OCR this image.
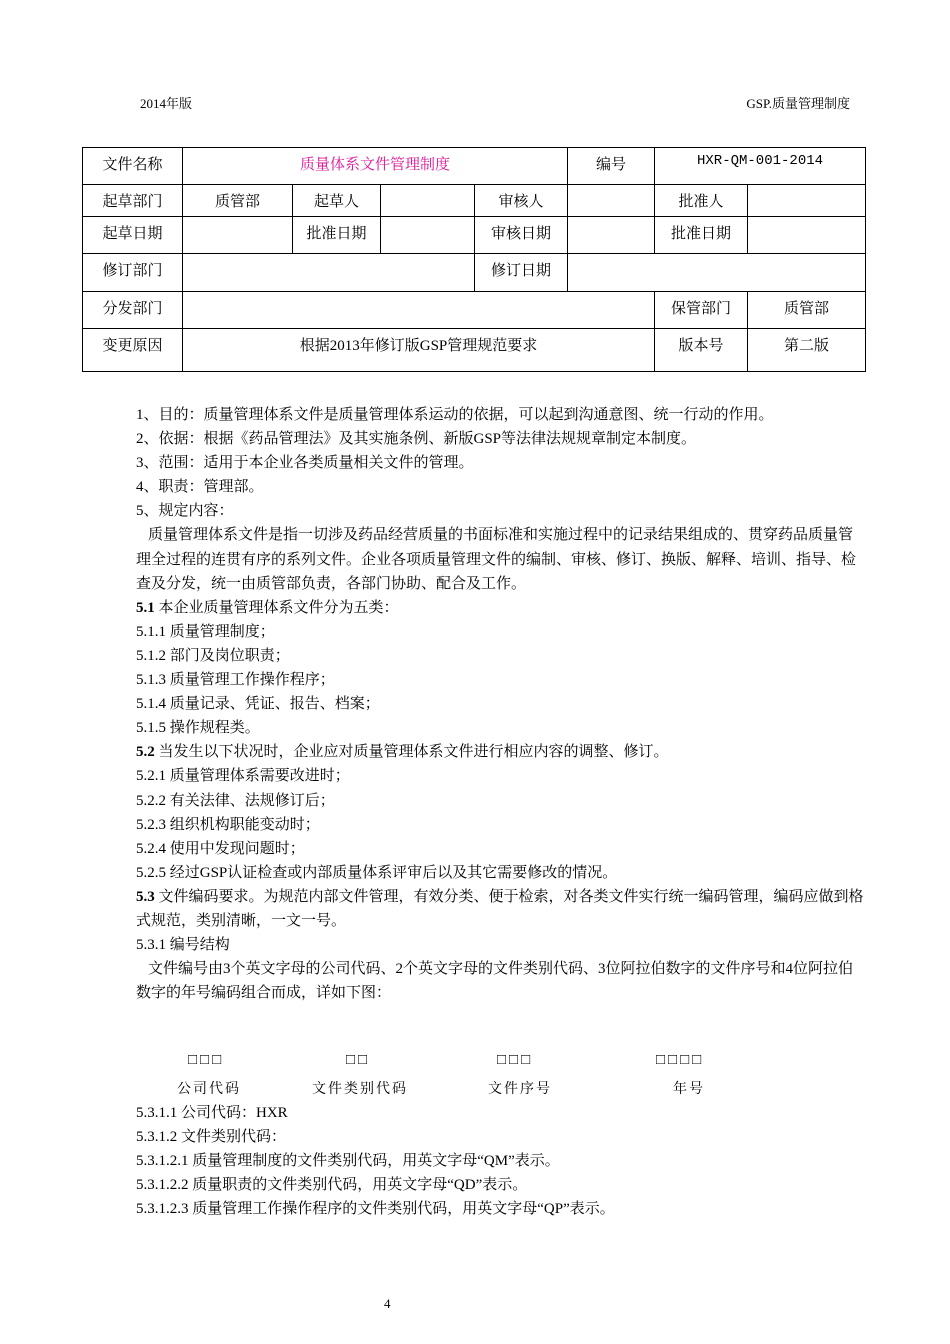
2014年版	GSP.质量管理制度
文件名称	质量体系文件管理制度				编号	HXR-QM-001-2014	
起草部门	质管部	起草人		审核人		批准人	
起草日期		批准日期		审核日期		批准日期	
修订部门				修订日期			
分发部门						保管部门	质管部
变更原因	根据2013年修订版GSP管理规范要求					版本号	第二版

1、目的：质量管理体系文件是质量管理体系运动的依据，可以起到沟通意图、统一行动的作用。

2、依据：根据《药品管理法》及其实施条例、新版GSP等法律法规规章制定本制度。

3、范围：适用于本企业各类质量相关文件的管理。

4、职责：管理部。

5、规定内容：

质量管理体系文件是指一切涉及药品经营质量的书面标准和实施过程中的记录结果组成的、贯穿药品质量管理全过程的连贯有序的系列文件。企业各项质量管理文件的编制、审核、修订、换版、解释、培训、指导、检查及分发，统一由质管部负责，各部门协助、配合及工作。

5.1 本企业质量管理体系文件分为五类：

5.1.1 质量管理制度；

5.1.2 部门及岗位职责；

5.1.3 质量管理工作操作程序；

5.1.4 质量记录、凭证、报告、档案；

5.1.5 操作规程类。

5.2 当发生以下状况时，企业应对质量管理体系文件进行相应内容的调整、修订。

5.2.1 质量管理体系需要改进时；

5.2.2 有关法律、法规修订后；

5.2.3 组织机构职能变动时；

5.2.4 使用中发现问题时；

5.2.5 经过GSP认证检查或内部质量体系评审后以及其它需要修改的情况。

5.3 文件编码要求。为规范内部文件管理，有效分类、便于检索，对各类文件实行统一编码管理，编码应做到格式规范，类别清晰，一文一号。

5.3.1 编号结构

文件编号由3个英文字母的公司代码、2个英文字母的文件类别代码、3位阿拉伯数字的文件序号和4位阿拉伯数字的年号编码组合而成，详如下图：

□□□	□□	□□□	□□□□
公司代码	文件类别代码	文件序号	年号

5.3.1.1 公司代码：HXR

5.3.1.2 文件类别代码：

5.3.1.2.1 质量管理制度的文件类别代码，用英文字母“QM”表示。

5.3.1.2.2 质量职责的文件类别代码，用英文字母“QD”表示。

5.3.1.2.3 质量管理工作操作程序的文件类别代码，用英文字母“QP”表示。

4
